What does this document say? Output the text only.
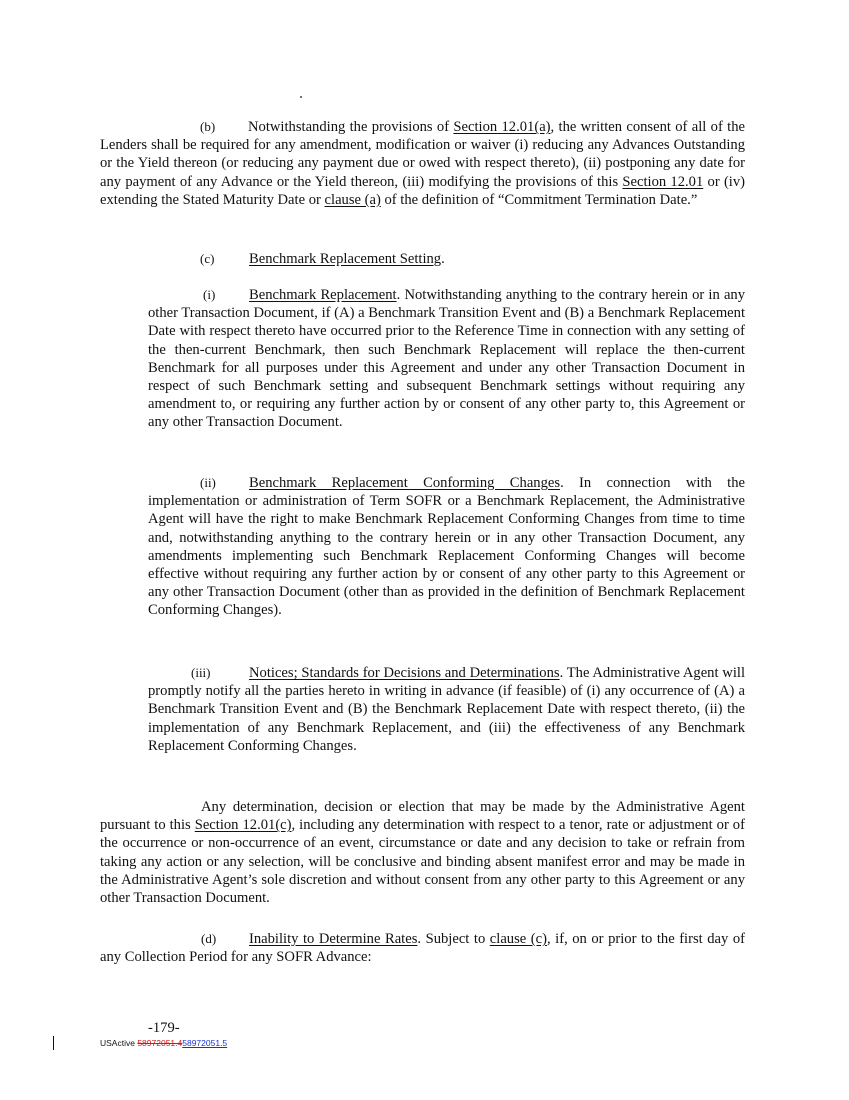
(b) Notwithstanding the provisions of Section 12.01(a), the written consent of all of the Lenders shall be required for any amendment, modification or waiver (i) reducing any Advances Outstanding or the Yield thereon (or reducing any payment due or owed with respect thereto), (ii) postponing any date for any payment of any Advance or the Yield thereon, (iii) modifying the provisions of this Section 12.01 or (iv) extending the Stated Maturity Date or clause (a) of the definition of “Commitment Termination Date.”
(c) Benchmark Replacement Setting.
(i) Benchmark Replacement. Notwithstanding anything to the contrary herein or in any other Transaction Document, if (A) a Benchmark Transition Event and (B) a Benchmark Replacement Date with respect thereto have occurred prior to the Reference Time in connection with any setting of the then-current Benchmark, then such Benchmark Replacement will replace the then-current Benchmark for all purposes under this Agreement and under any other Transaction Document in respect of such Benchmark setting and subsequent Benchmark settings without requiring any amendment to, or requiring any further action by or consent of any other party to, this Agreement or any other Transaction Document.
(ii) Benchmark Replacement Conforming Changes. In connection with the implementation or administration of Term SOFR or a Benchmark Replacement, the Administrative Agent will have the right to make Benchmark Replacement Conforming Changes from time to time and, notwithstanding anything to the contrary herein or in any other Transaction Document, any amendments implementing such Benchmark Replacement Conforming Changes will become effective without requiring any further action by or consent of any other party to this Agreement or any other Transaction Document (other than as provided in the definition of Benchmark Replacement Conforming Changes).
(iii)	Notices; Standards for Decisions and Determinations. The Administrative Agent will promptly notify all the parties hereto in writing in advance (if feasible) of (i) any occurrence of (A) a Benchmark Transition Event and (B) the Benchmark Replacement Date with respect thereto, (ii) the implementation of any Benchmark Replacement, and (iii) the effectiveness of any Benchmark Replacement Conforming Changes.
Any determination, decision or election that may be made by the Administrative Agent pursuant to this Section 12.01(c), including any determination with respect to a tenor, rate or adjustment or of the occurrence or non-occurrence of an event, circumstance or date and any decision to take or refrain from taking any action or any selection, will be conclusive and binding absent manifest error and may be made in the Administrative Agent’s sole discretion and without consent from any other party to this Agreement or any other Transaction Document.
(d) Inability to Determine Rates. Subject to clause (c), if, on or prior to the first day of any Collection Period for any SOFR Advance:
-179-
USActive 58972051.458972051.5
